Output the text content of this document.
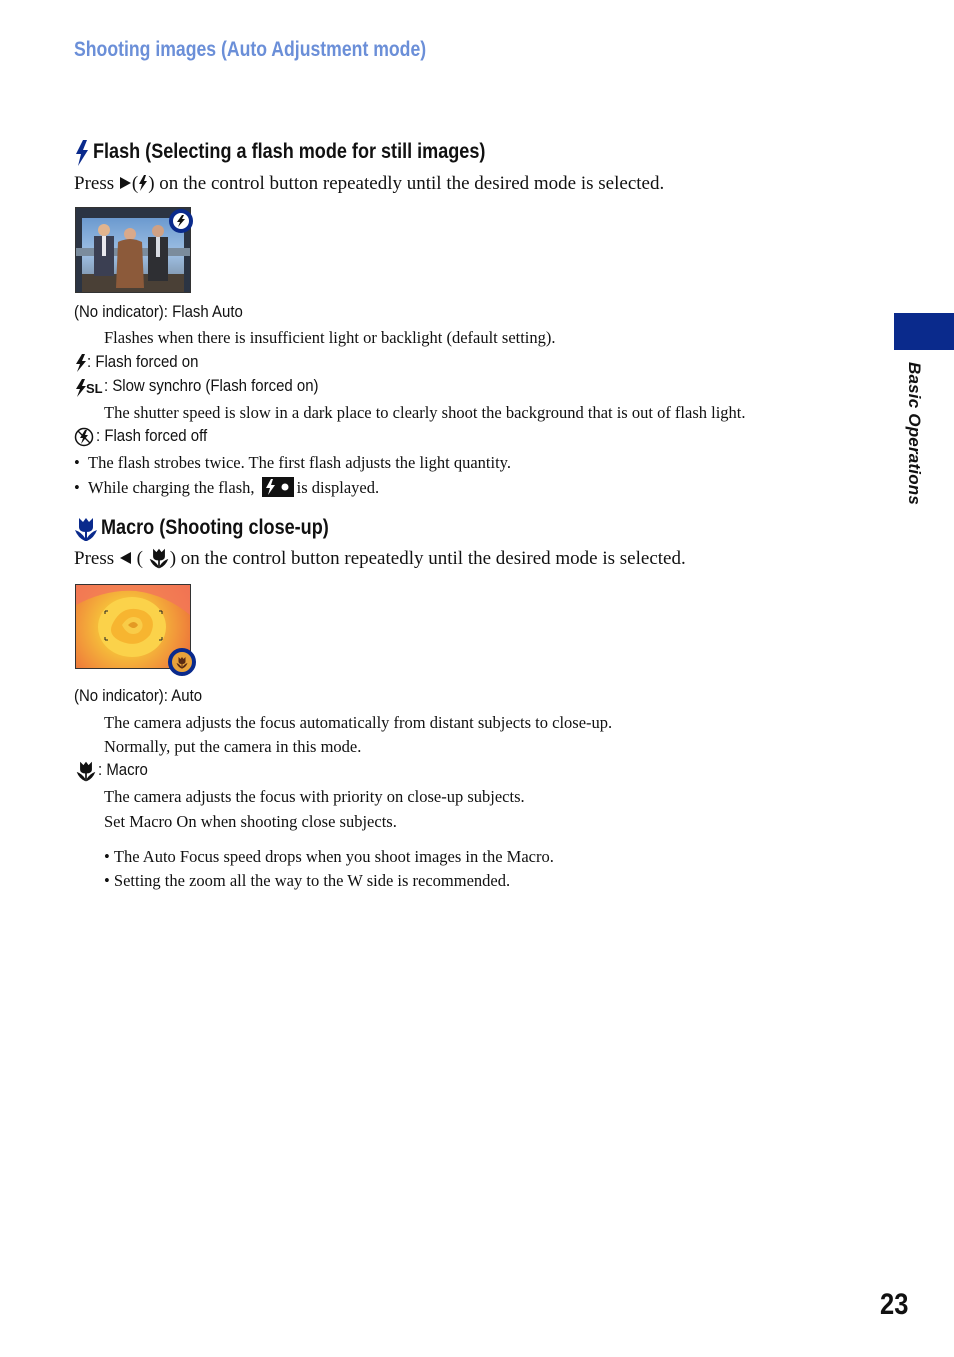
Shooting images (Auto Adjustment mode)
Basic Operations
Flash (Selecting a flash mode for still images)
Press ( ) on the control button repeatedly until the desired mode is selected.
(No indicator): Flash Auto
Flashes when there is insufficient light or backlight (default setting).
: Flash forced on
SL : Slow synchro (Flash forced on)
The shutter speed is slow in a dark place to clearly shoot the background that is out of flash light.
: Flash forced off
•  The flash strobes twice. The first flash adjusts the light quantity.
•  While charging the flash,	is displayed.
Macro (Shooting close-up)
Press ( ) on the control button repeatedly until the desired mode is selected.
(No indicator): Auto
The camera adjusts the focus automatically from distant subjects to close-up.
Normally, put the camera in this mode.
: Macro
The camera adjusts the focus with priority on close-up subjects.
Set Macro On when shooting close subjects.
• The Auto Focus speed drops when you shoot images in the Macro.
• Setting the zoom all the way to the W side is recommended.
23
